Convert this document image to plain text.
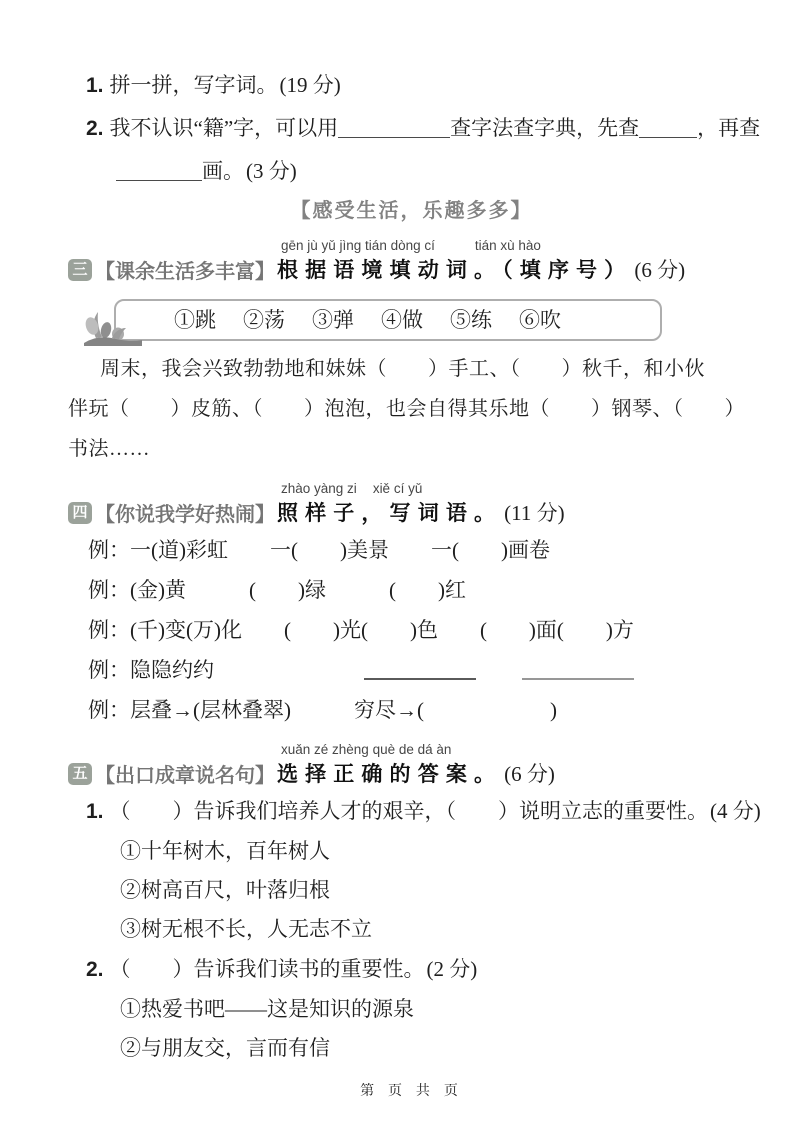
1. 拼一拼，写字词。(19 分)
2. 我不认识“籍”字，可以用	查字法查字典，先查	，再查
画。(3 分)
【感受生活，乐趣多多】
三 【课余生活多丰富】
gēn jù yǔ jìng tián dòng cí	tián xù hào
根据语境填动词。（填序号）(6 分)
①跳 ②荡 ③弹 ④做 ⑤练 ⑥吹
周末，我会兴致勃勃地和妹妹（　　）手工、（　　）秋千，和小伙
伴玩（　　）皮筋、（　　）泡泡，也会自得其乐地（　　）钢琴、（　　）
书法……
四 【你说我学好热闹】
zhào yàng zi xiě cí yǔ
照样子，写词语。(11 分)
例：一(道)彩虹　　一(　　)美景　　一(　　)画卷
例：(金)黄　　　(　　)绿　　　(　　)红
例：(千)变(万)化　　(　　)光(　　)色　　(　　)面(　　)方
例：隐隐约约
例：层叠→(层林叠翠)　　　穷尽→(　　　　　　)
五 【出口成章说名句】
xuǎn zé zhèng què de dá àn
选择正确的答案。(6 分)
1. （　　）告诉我们培养人才的艰辛，（　　）说明立志的重要性。(4 分)
①十年树木，百年树人
②树高百尺，叶落归根
③树无根不长，人无志不立
2. （　　）告诉我们读书的重要性。(2 分)
①热爱书吧——这是知识的源泉
②与朋友交，言而有信
第 页 共 页
